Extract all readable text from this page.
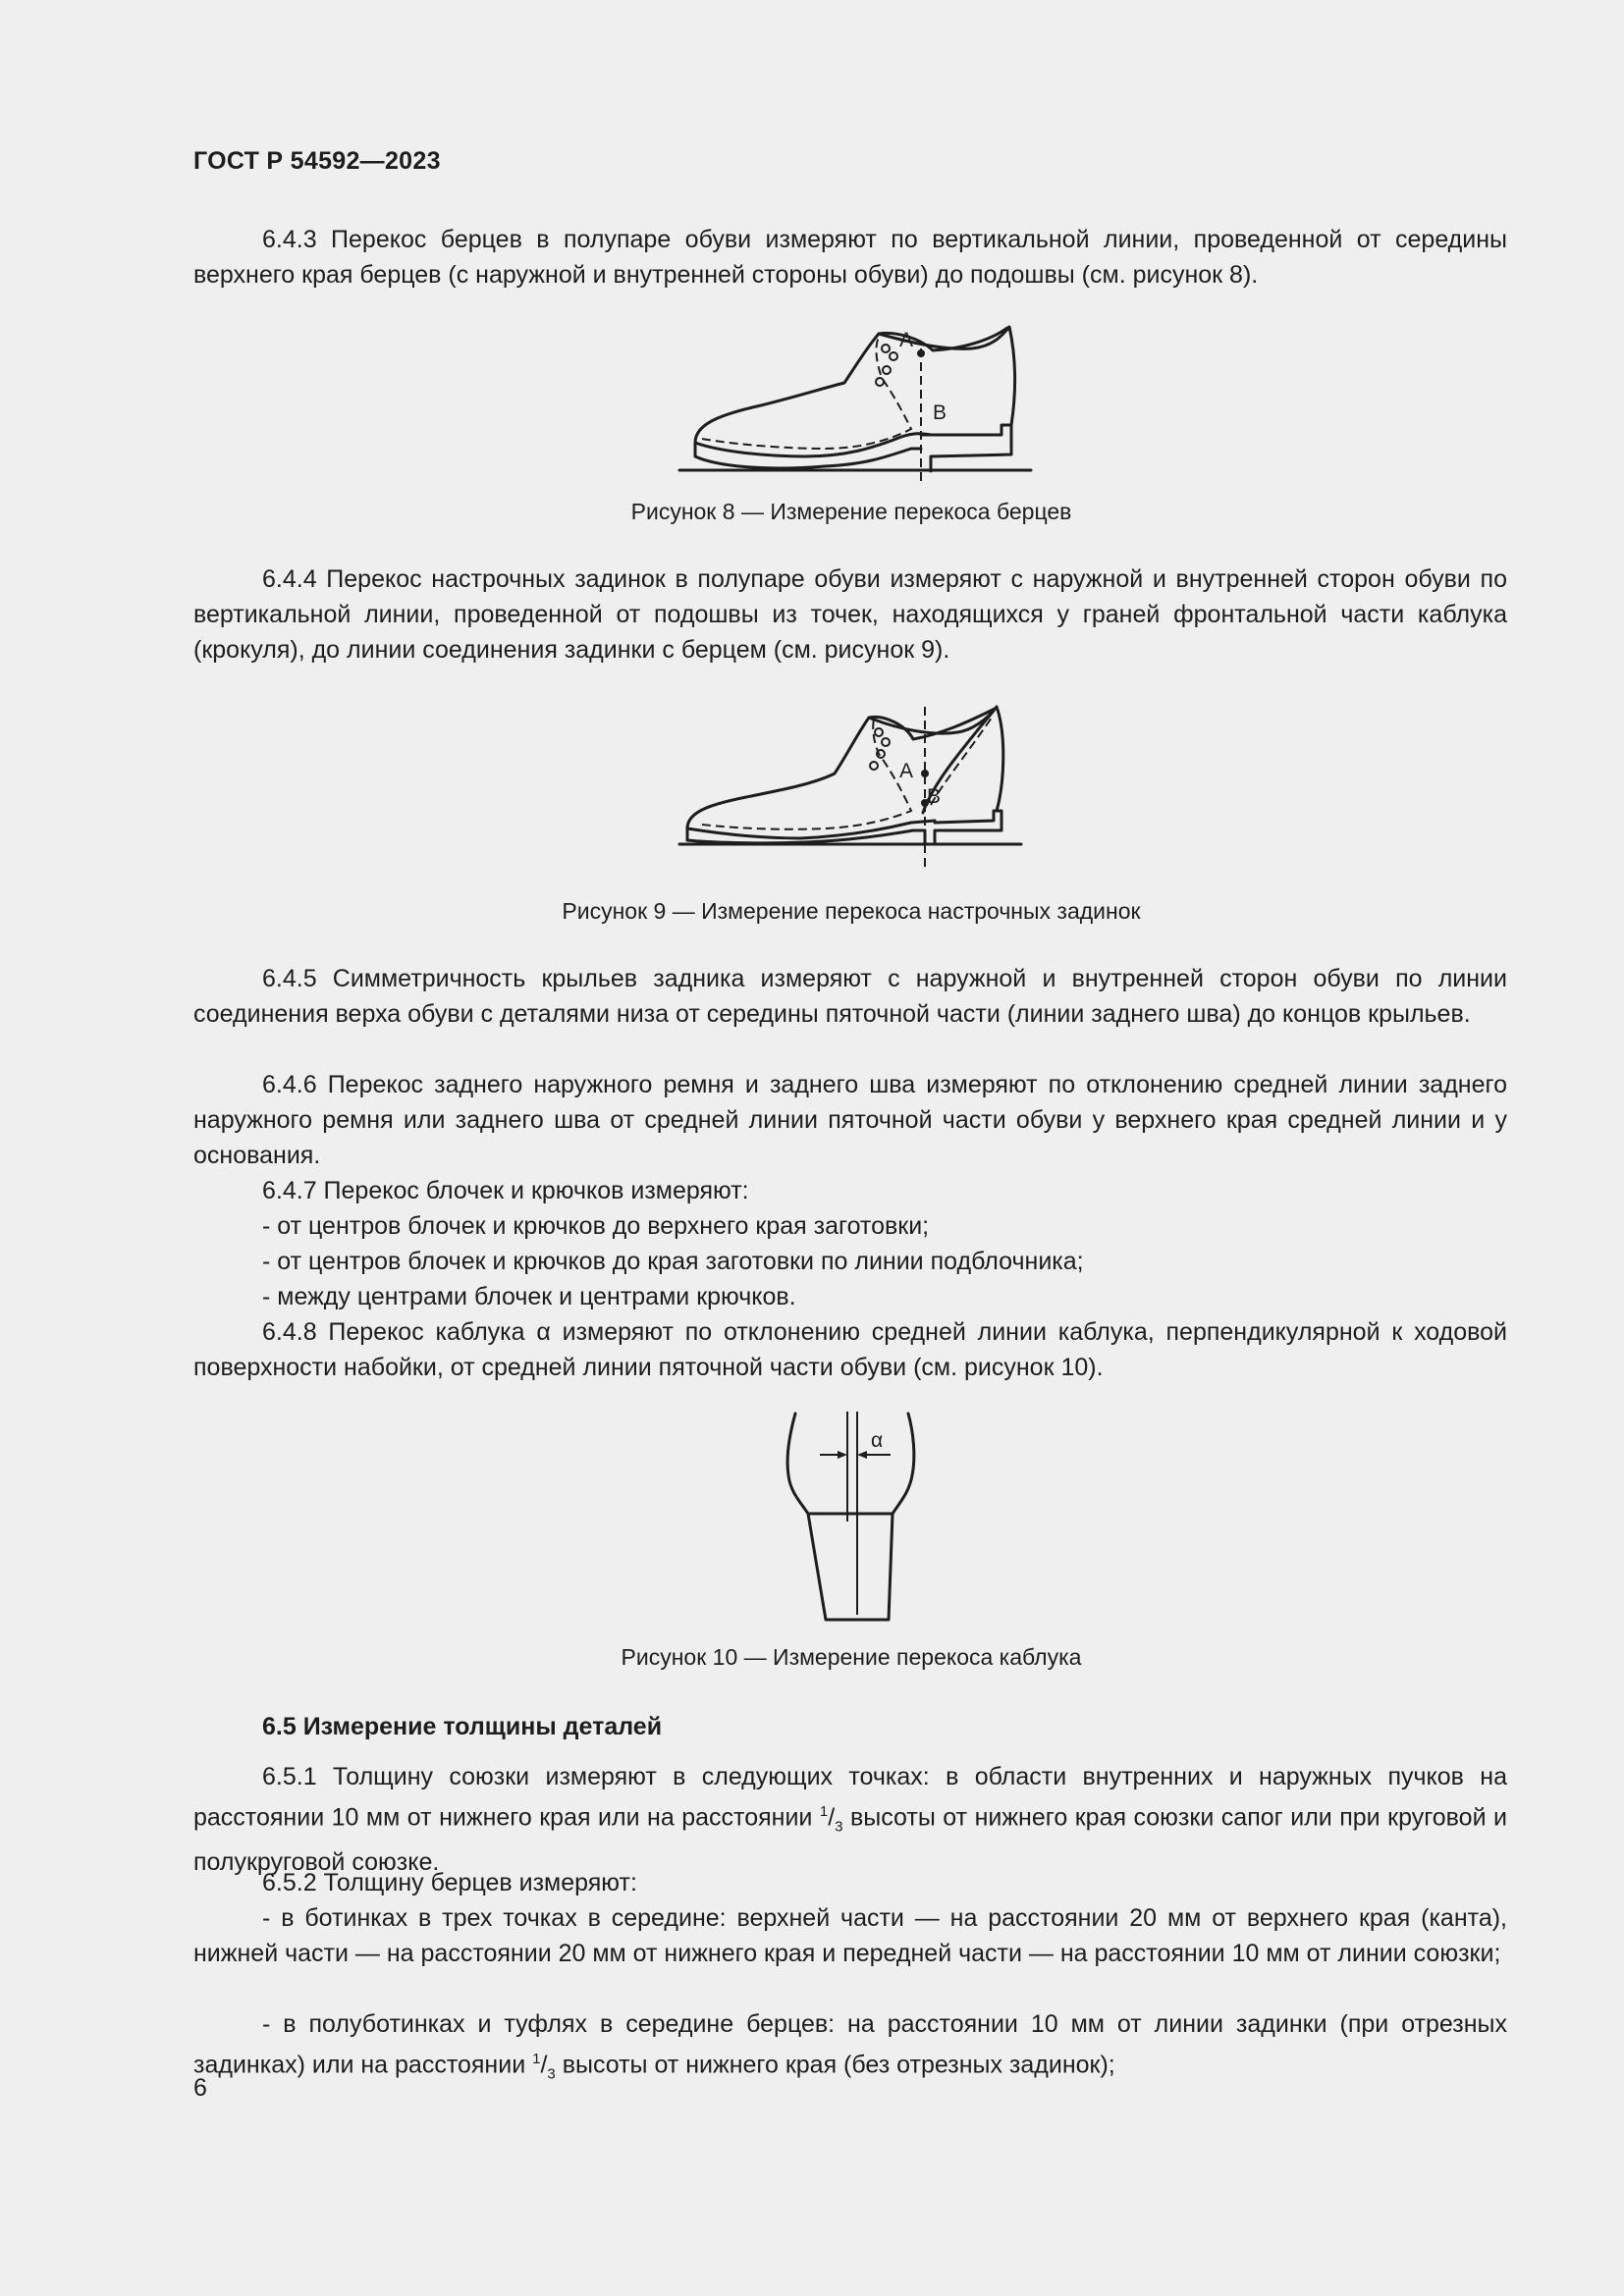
ГОСТ Р 54592—2023

6.4.3 Перекос берцев в полупаре обуви измеряют по вертикальной линии, проведенной от середины верхнего края берцев (с наружной и внутренней стороны обуви) до подошвы (см. рисунок 8).

A
B
Рисунок 8 — Измерение перекоса берцев

6.4.4 Перекос настрочных задинок в полупаре обуви измеряют с наружной и внутренней сторон обуви по вертикальной линии, проведенной от подошвы из точек, находящихся у граней фронтальной части каблука (крокуля), до линии соединения задинки с берцем (см. рисунок 9).

A
B
Рисунок 9 — Измерение перекоса настрочных задинок

6.4.5 Симметричность крыльев задника измеряют с наружной и внутренней сторон обуви по линии соединения верха обуви с деталями низа от середины пяточной части (линии заднего шва) до концов крыльев.

6.4.6 Перекос заднего наружного ремня и заднего шва измеряют по отклонению средней линии заднего наружного ремня или заднего шва от средней линии пяточной части обуви у верхнего края средней линии и у основания.

6.4.7 Перекос блочек и крючков измеряют:

- от центров блочек и крючков до верхнего края заготовки;
- от центров блочек и крючков до края заготовки по линии подблочника;
- между центрами блочек и центрами крючков.

6.4.8 Перекос каблука α измеряют по отклонению средней линии каблука, перпендикулярной к ходовой поверхности набойки, от средней линии пяточной части обуви (см. рисунок 10).

α
Рисунок 10 — Измерение перекоса каблука
6.5 Измерение толщины деталей

6.5.1 Толщину союзки измеряют в следующих точках: в области внутренних и наружных пучков на расстоянии 10 мм от нижнего края или на расстоянии $^1/_3$ высоты от нижнего края союзки сапог или при круговой и полукруговой союзке.

6.5.2 Толщину берцев измеряют:

- в ботинках в трех точках в середине: верхней части — на расстоянии 20 мм от верхнего края (канта), нижней части — на расстоянии 20 мм от нижнего края и передней части — на расстоянии 10 мм от линии союзки;

- в полуботинках и туфлях в середине берцев: на расстоянии 10 мм от линии задинки (при отрезных задинках) или на расстоянии $^1/_3$ высоты от нижнего края (без отрезных задинок);

6
